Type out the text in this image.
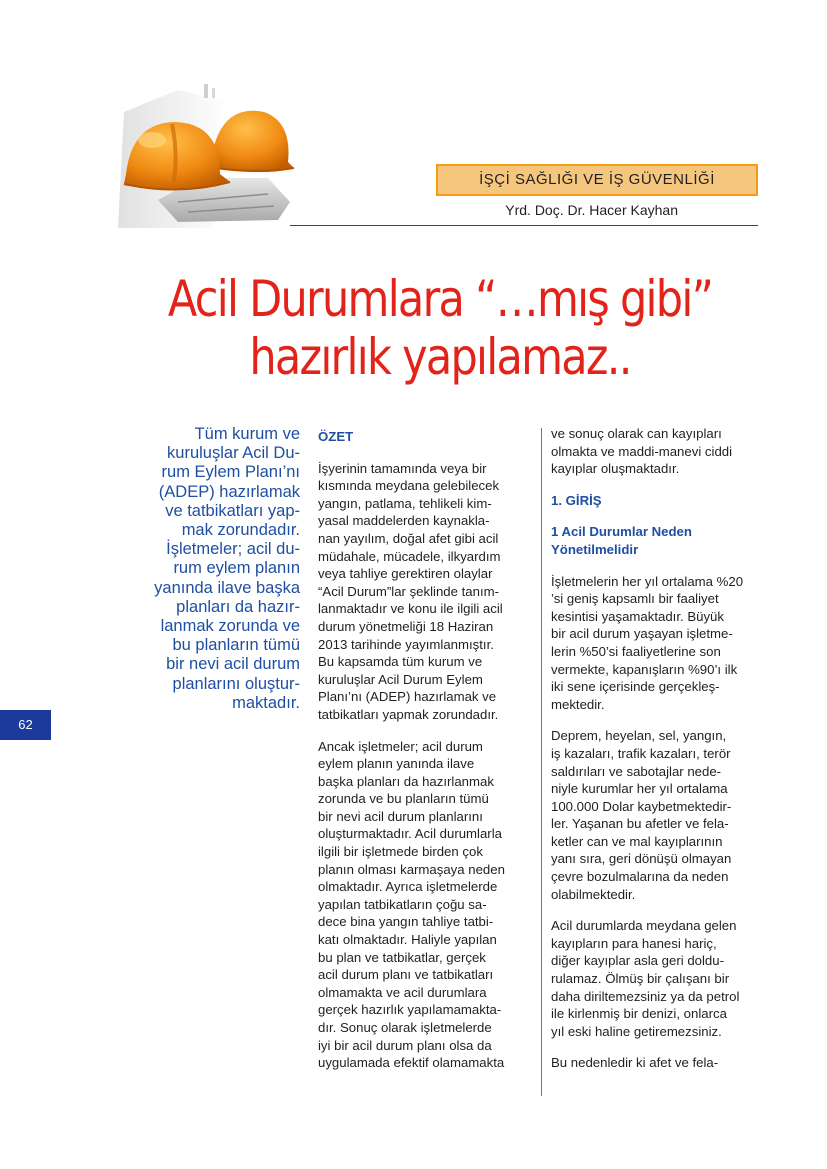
İŞÇİ SAĞLIĞI VE İŞ GÜVENLİĞİ
Yrd. Doç. Dr. Hacer Kayhan
Acil Durumlara “…mış gibi”
hazırlık yapılamaz..
Tüm kurum ve
kuruluşlar Acil Du-
rum Eylem Planı’nı
(ADEP) hazırlamak
ve tatbikatları yap-
mak zorundadır.
İşletmeler; acil du-
rum eylem planın
yanında ilave başka
planları da hazır-
lanmak zorunda ve
bu planların tümü
bir nevi acil durum
planlarını oluştur-
maktadır.
62
ÖZET
İşyerinin tamamında veya bir
kısmında meydana gelebilecek
yangın, patlama, tehlikeli kim-
yasal maddelerden kaynakla-
nan yayılım, doğal afet gibi acil
müdahale, mücadele, ilkyardım
veya tahliye gerektiren olaylar
“Acil Durum”lar şeklinde tanım-
lanmaktadır ve konu ile ilgili acil
durum yönetmeliği 18 Haziran
2013 tarihinde yayımlanmıştır.
Bu kapsamda tüm kurum ve
kuruluşlar Acil Durum Eylem
Planı’nı (ADEP) hazırlamak ve
tatbikatları yapmak zorundadır.
Ancak işletmeler; acil durum
eylem planın yanında ilave
başka planları da hazırlanmak
zorunda ve bu planların tümü
bir nevi acil durum planlarını
oluşturmaktadır. Acil durumlarla
ilgili bir işletmede birden çok
planın olması karmaşaya neden
olmaktadır. Ayrıca işletmelerde
yapılan tatbikatların çoğu sa-
dece bina yangın tahliye tatbi-
katı olmaktadır. Haliyle yapılan
bu plan ve tatbikatlar, gerçek
acil durum planı ve tatbikatları
olmamakta ve acil durumlara
gerçek hazırlık yapılamamakta-
dır. Sonuç olarak işletmelerde
iyi bir acil durum planı olsa da
uygulamada efektif olamamakta
ve sonuç olarak can kayıpları
olmakta ve maddi-manevi ciddi
kayıplar oluşmaktadır.
1. GİRİŞ
1 Acil Durumlar Neden
Yönetilmelidir
İşletmelerin her yıl ortalama %20
’si geniş kapsamlı bir faaliyet
kesintisi yaşamaktadır. Büyük
bir acil durum yaşayan işletme-
lerin %50’si faaliyetlerine son
vermekte, kapanışların %90’ı ilk
iki sene içerisinde gerçekleş-
mektedir.
Deprem, heyelan, sel, yangın,
iş kazaları, trafik kazaları, terör
saldırıları ve sabotajlar nede-
niyle kurumlar her yıl ortalama
100.000 Dolar kaybetmektedir-
ler. Yaşanan bu afetler ve fela-
ketler can ve mal kayıplarının
yanı sıra, geri dönüşü olmayan
çevre bozulmalarına da neden
olabilmektedir.
Acil durumlarda meydana gelen
kayıpların para hanesi hariç,
diğer kayıplar asla geri doldu-
rulamaz. Ölmüş bir çalışanı bir
daha diriltemezsiniz ya da petrol
ile kirlenmiş bir denizi, onlarca
yıl eski haline getiremezsiniz.
Bu nedenledir ki afet ve fela-
